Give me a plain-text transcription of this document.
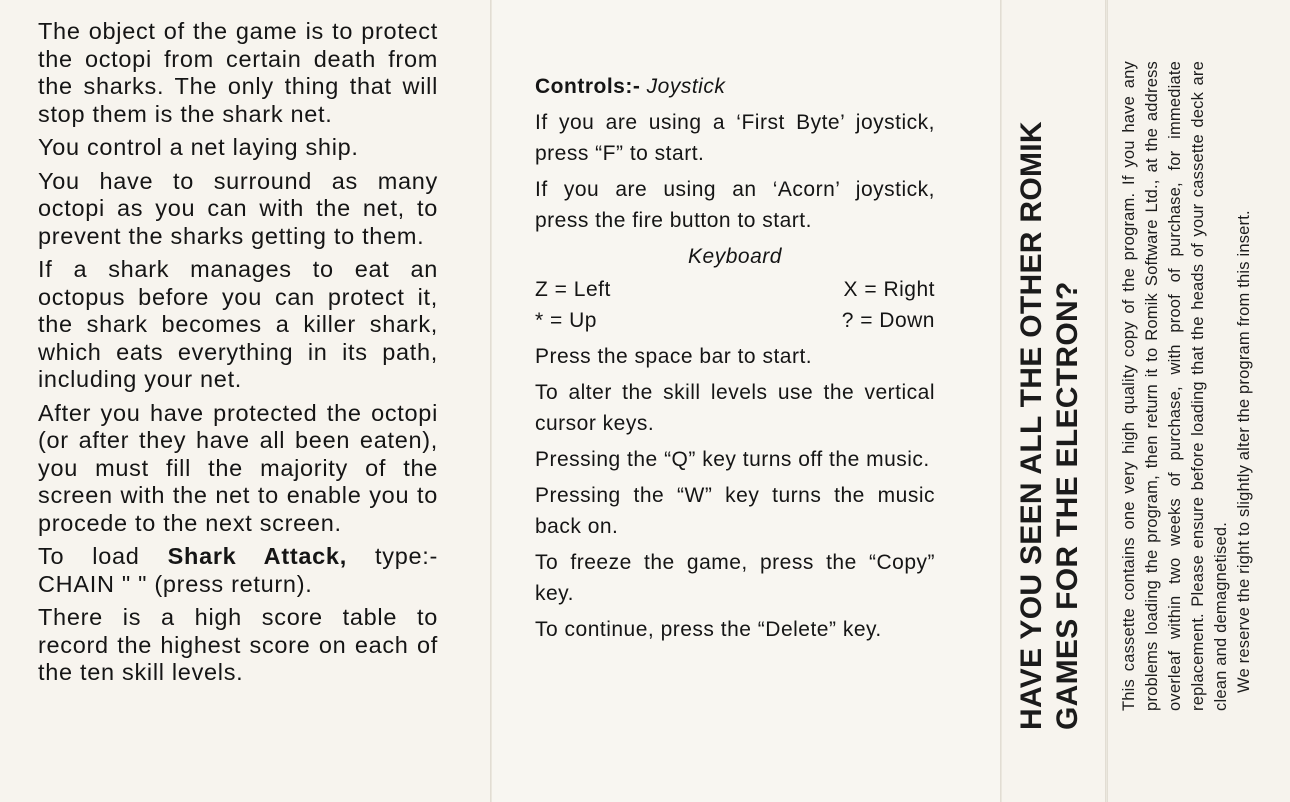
The object of the game is to protect the octopi from certain death from the sharks. The only thing that will stop them is the shark net.

You control a net laying ship.

You have to surround as many octopi as you can with the net, to prevent the sharks getting to them.

If a shark manages to eat an octopus before you can protect it, the shark becomes a killer shark, which eats everything in its path, including your net.

After you have protected the octopi (or after they have all been eaten), you must fill the majority of the screen with the net to enable you to procede to the next screen.

To load Shark Attack, type:- CHAIN " " (press return).

There is a high score table to record the highest score on each of the ten skill levels.

Controls:- Joystick

If you are using a ‘First Byte’ joystick, press “F” to start.

If you are using an ‘Acorn’ joystick, press the fire button to start.

Keyboard

Z = Left	X = Right

* = Up	? = Down

Press the space bar to start.

To alter the skill levels use the vertical cursor keys.

Pressing the “Q” key turns off the music.

Pressing the “W” key turns the music back on.

To freeze the game, press the “Copy” key.

To continue, press the “Delete” key.	HAVE YOU SEEN ALL THE OTHER ROMIK GAMES FOR THE ELECTRON? This cassette contains one very high quality copy of the program. If you have any problems loading the program, then return it to Romik Software Ltd., at the address overleaf within two weeks of purchase, with proof of purchase, for immediate replacement. Please ensure before loading that the heads of your cassette deck are clean and demagnetised. We reserve the right to slightly alter the program from this insert.
